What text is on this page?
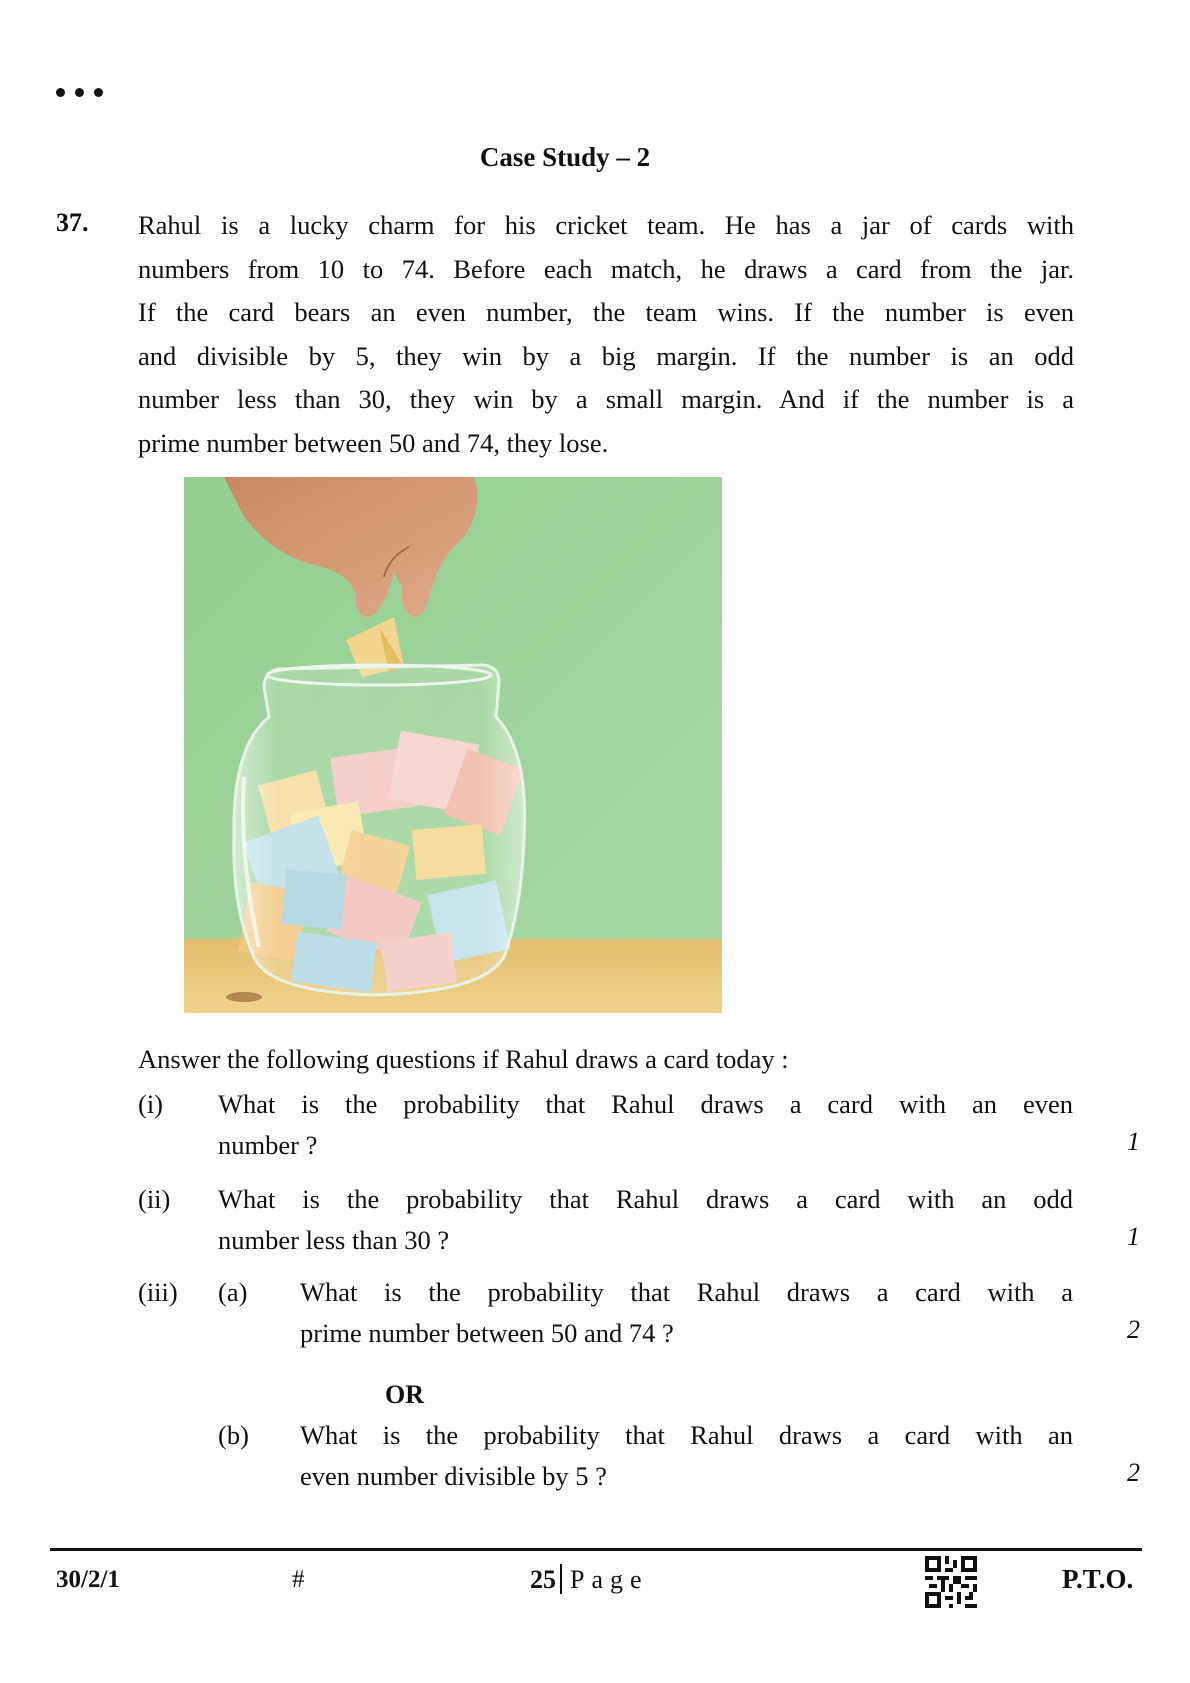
Case Study – 2
37. Rahul is a lucky charm for his cricket team. He has a jar of cards with
numbers from 10 to 74. Before each match, he draws a card from the jar.
If the card bears an even number, the team wins. If the number is even
and divisible by 5, they win by a big margin. If the number is an odd
number less than 30, they win by a small margin. And if the number is a
prime number between 50 and 74, they lose.
Answer the following questions if Rahul draws a card today :
(i) What is the probability that Rahul draws a card with an even
number ?	1
(ii) What is the probability that Rahul draws a card with an odd
number less than 30 ?	1
(iii) (a) What is the probability that Rahul draws a card with a
prime number between 50 and 74 ?	2
OR
(b) What is the probability that Rahul draws a card with an
even number divisible by 5 ?	2
30/2/1	#	25 Page	P.T.O.
